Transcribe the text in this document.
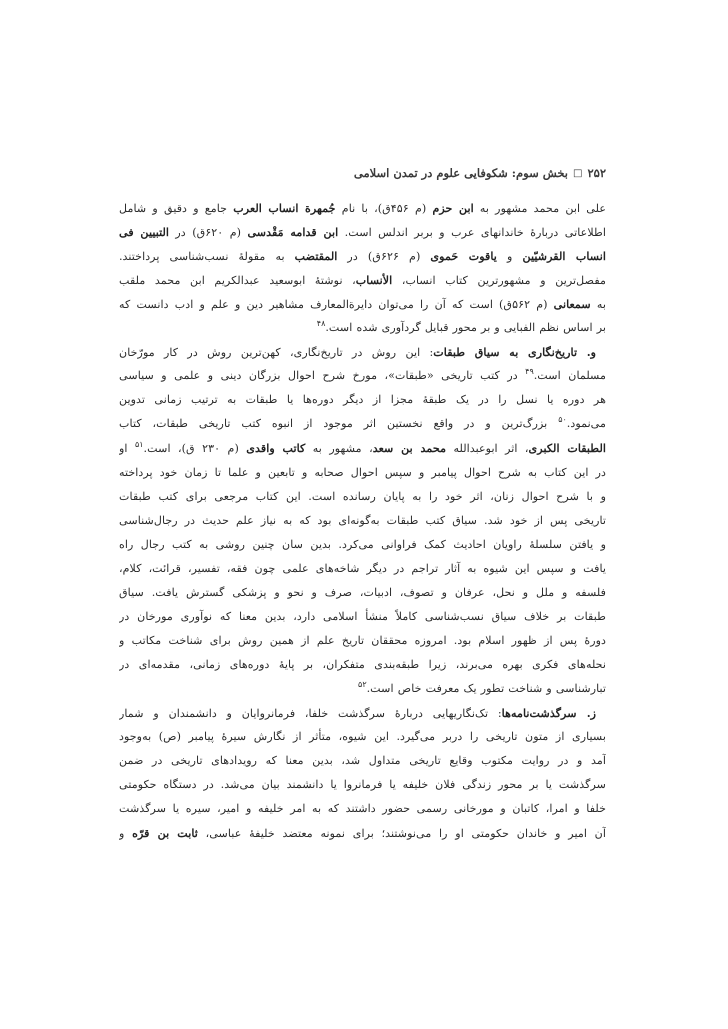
۲۵۲
□
بخش سوم: شکوفایی علوم در تمدن اسلامی
علی ابن محمد مشهور به ابن حزم (م ۴۵۶ق)، با نام جُمهرة انساب العرب جامع و دقیق و شامل
اطلاعاتی دربارهٔ خاندانهای عرب و بربر اندلس است. ابن قدامه مَقْدسی (م ۶۲۰ق) در التبیین فی
انساب القرشیّین و یاقوت حَموی (م ۶۲۶ق) در المقتضب به مقولهٔ نسب‌شناسی پرداختند.
مفصل‌ترین و مشهورترین کتاب انساب، الأنساب، نوشتهٔ ابوسعید عبدالکریم ابن محمد ملقب
به سمعانی (م ۵۶۲ق) است که آن را می‌توان دایرةالمعارف مشاهیر دین و علم و ادب دانست که
بر اساس نظم الفبایی و بر محور قبایل گردآوری شده است.$^{۴۸}$
و. تاریخ‌نگاری به سیاق طبقات: این روش در تاریخ‌نگاری، کهن‌ترین روش در کار مورّخان
مسلمان است.$^{۴۹}$ در کتب تاریخی «طبقات»، مورخ شرح احوال بزرگان دینی و علمی و سیاسی
هر دوره یا نسل را در یک طبقهٔ مجزا از دیگر دوره‌ها یا طبقات به ترتیب زمانی تدوین
می‌نمود.$^{۵۰}$ بزرگ‌ترین و در واقع نخستین اثر موجود از انبوه کتب تاریخی طبقات، کتاب
الطبقات الکبری، اثر ابوعبدالله محمد بن سعد، مشهور به کاتب واقدی (م ۲۳۰ ق)، است.$^{۵۱}$ او
در این کتاب به شرح احوال پیامبر و سپس احوال صحابه و تابعین و علما تا زمان خود پرداخته
و با شرح احوال زنان، اثر خود را به پایان رسانده است. این کتاب مرجعی برای کتب طبقات
تاریخی پس از خود شد. سیاق کتب طبقات به‌گونه‌ای بود که به نیاز علم حدیث در رجال‌شناسی
و یافتن سلسلهٔ راویان احادیث کمک فراوانی می‌کرد. بدین سان چنین روشی به کتب رجال راه
یافت و سپس این شیوه به آثار تراجم در دیگر شاخه‌های علمی چون فقه، تفسیر، قرائت، کلام،
فلسفه و ملل و نحل، عرفان و تصوف، ادبیات، صرف و نحو و پزشکی گسترش یافت. سیاق
طبقات بر خلاف سیاق نسب‌شناسی کاملاً منشأ اسلامی دارد، بدین معنا که نوآوری مورخان در
دورهٔ پس از ظهور اسلام بود. امروزه محققان تاریخ علم از همین روش برای شناخت مکاتب و
نحله‌های فکری بهره می‌برند، زیرا طبقه‌بندی متفکران، بر پایهٔ دوره‌های زمانی، مقدمه‌ای در
تبارشناسی و شناخت تطور یک معرفت خاص است.$^{۵۲}$
ز. سرگذشت‌نامه‌ها: تک‌نگاریهایی دربارهٔ سرگذشت خلفا، فرمانروایان و دانشمندان و شمار
بسیاری از متون تاریخی را دربر می‌گیرد. این شیوه، متأثر از نگارش سیرهٔ پیامبر (ص) به‌وجود
آمد و در روایت مکتوب وقایع تاریخی متداول شد، بدین معنا که رویدادهای تاریخی در ضمن
سرگذشت یا بر محور زندگی فلان خلیفه یا فرمانروا یا دانشمند بیان می‌شد. در دستگاه حکومتی
خلفا و امرا، کاتبان و مورخانی رسمی حضور داشتند که به امر خلیفه و امیر، سیره یا سرگذشت
آن امیر و خاندان حکومتی او را می‌نوشتند؛ برای نمونه معتضد خلیفهٔ عباسی، ثابت بن قرّه و
